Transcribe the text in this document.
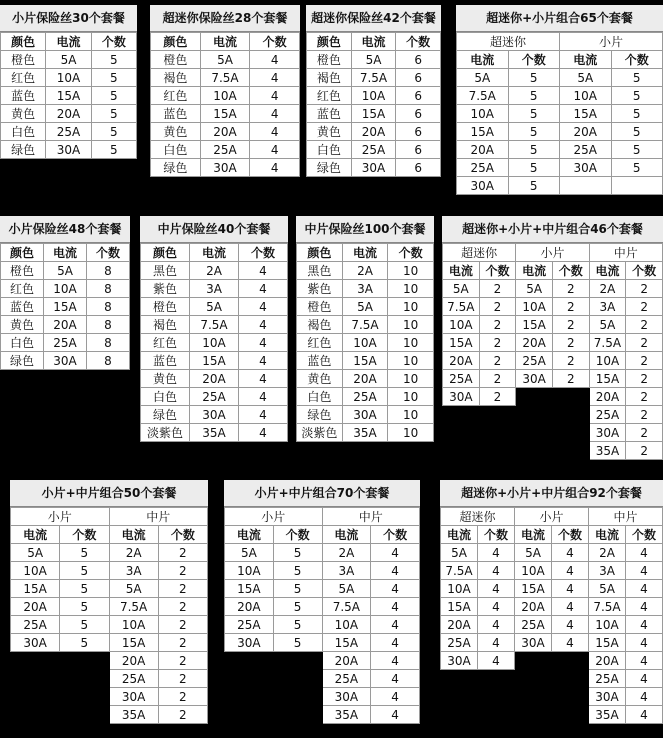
小片保险丝30个套餐
颜色	电流	个数
橙色	5A	5
红色	10A	5
蓝色	15A	5
黄色	20A	5
白色	25A	5
绿色	30A	5
超迷你保险丝28个套餐
颜色	电流	个数
橙色	5A	4
褐色	7.5A	4
红色	10A	4
蓝色	15A	4
黄色	20A	4
白色	25A	4
绿色	30A	4
超迷你保险丝42个套餐
颜色	电流	个数
橙色	5A	6
褐色	7.5A	6
红色	10A	6
蓝色	15A	6
黄色	20A	6
白色	25A	6
绿色	30A	6
超迷你+小片组合65个套餐
超迷你		小片	
电流	个数	电流	个数
5A	5	5A	5
7.5A	5	10A	5
10A	5	15A	5
15A	5	20A	5
20A	5	25A	5
25A	5	30A	5
30A	5		
小片保险丝48个套餐
颜色	电流	个数
橙色	5A	8
红色	10A	8
蓝色	15A	8
黄色	20A	8
白色	25A	8
绿色	30A	8
中片保险丝40个套餐
颜色	电流	个数
黑色	2A	4
紫色	3A	4
橙色	5A	4
褐色	7.5A	4
红色	10A	4
蓝色	15A	4
黄色	20A	4
白色	25A	4
绿色	30A	4
淡紫色	35A	4
中片保险丝100个套餐
颜色	电流	个数
黑色	2A	10
紫色	3A	10
橙色	5A	10
褐色	7.5A	10
红色	10A	10
蓝色	15A	10
黄色	20A	10
白色	25A	10
绿色	30A	10
淡紫色	35A	10
超迷你+小片+中片组合46个套餐
超迷你		小片		中片	
电流	个数	电流	个数	电流	个数
5A	2	5A	2	2A	2
7.5A	2	10A	2	3A	2
10A	2	15A	2	5A	2
15A	2	20A	2	7.5A	2
20A	2	25A	2	10A	2
25A	2	30A	2	15A	2
30A	2			20A	2
				25A	2
				30A	2
				35A	2
小片+中片组合50个套餐
小片		中片	
电流	个数	电流	个数
5A	5	2A	2
10A	5	3A	2
15A	5	5A	2
20A	5	7.5A	2
25A	5	10A	2
30A	5	15A	2
		20A	2
		25A	2
		30A	2
		35A	2
小片+中片组合70个套餐
小片		中片	
电流	个数	电流	个数
5A	5	2A	4
10A	5	3A	4
15A	5	5A	4
20A	5	7.5A	4
25A	5	10A	4
30A	5	15A	4
		20A	4
		25A	4
		30A	4
		35A	4
超迷你+小片+中片组合92个套餐
超迷你		小片		中片	
电流	个数	电流	个数	电流	个数
5A	4	5A	4	2A	4
7.5A	4	10A	4	3A	4
10A	4	15A	4	5A	4
15A	4	20A	4	7.5A	4
20A	4	25A	4	10A	4
25A	4	30A	4	15A	4
30A	4			20A	4
				25A	4
				30A	4
				35A	4
